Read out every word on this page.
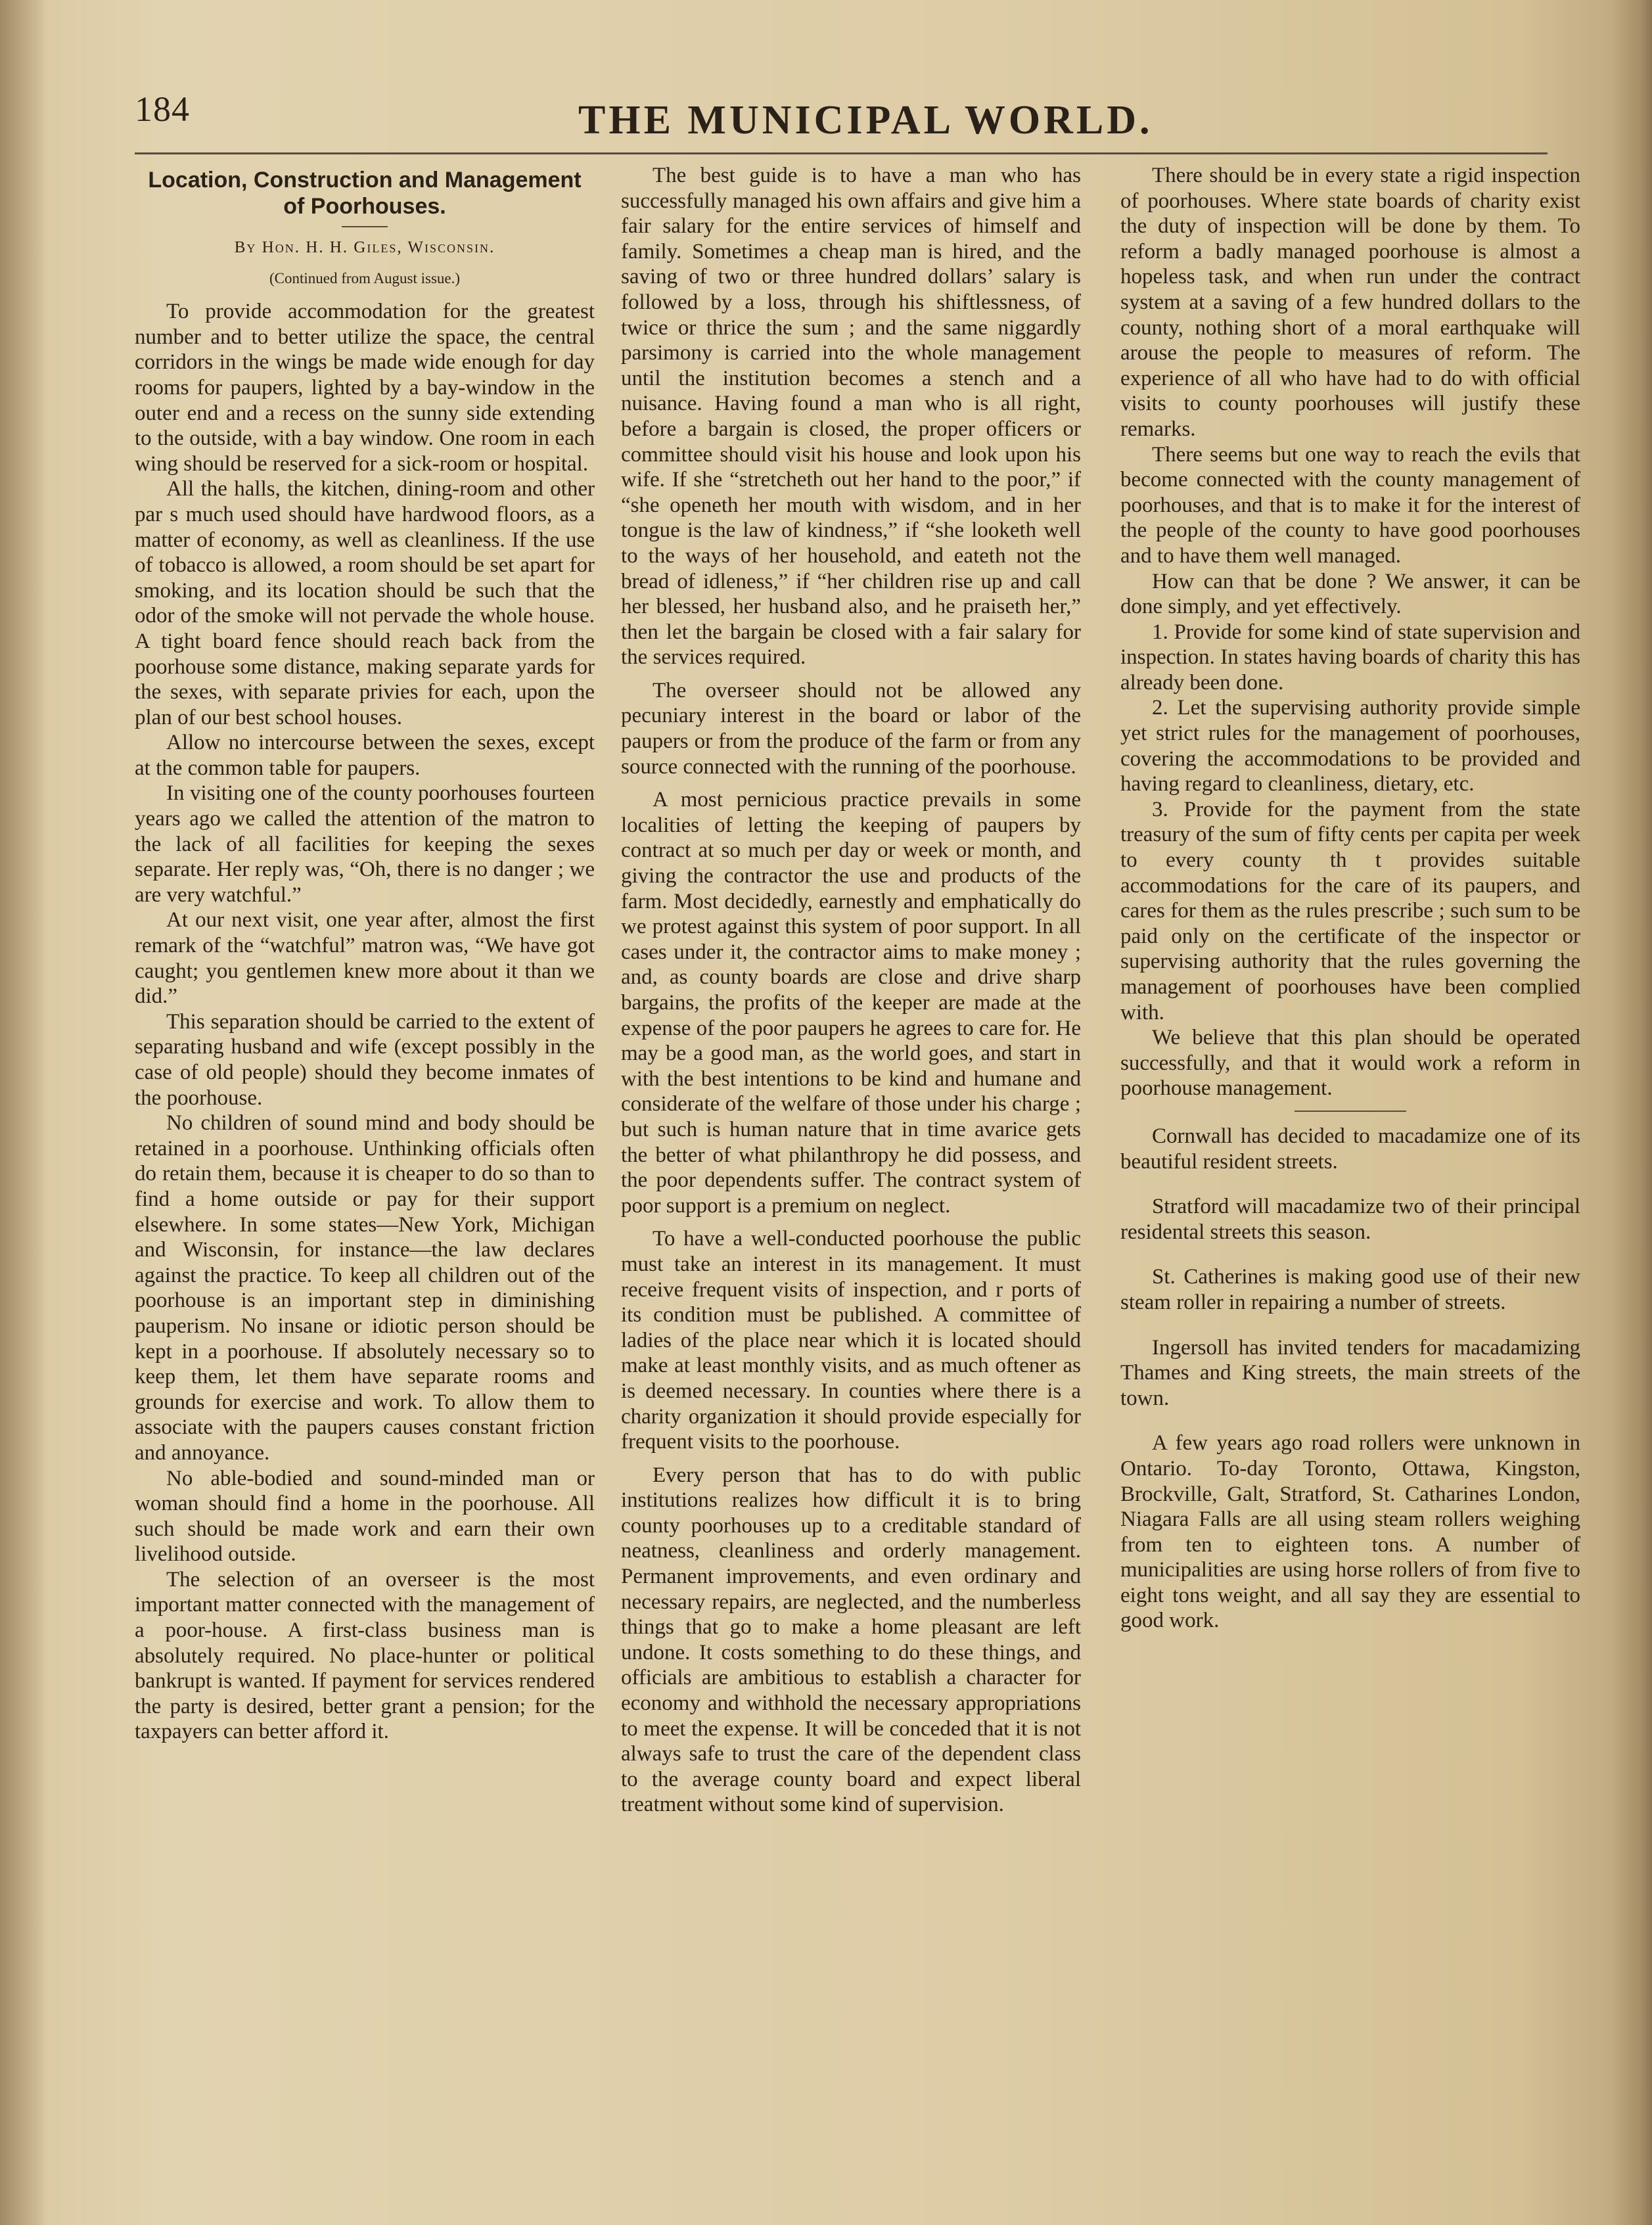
184	THE MUNICIPAL WORLD.
Location, Construction and Management of Poorhouses.
By Hon. H. H. Giles, Wisconsin.
(Continued from August issue.)

To provide accommodation for the greatest number and to better utilize the space, the central corridors in the wings be made wide enough for day rooms for paupers, lighted by a bay-window in the outer end and a recess on the sunny side extending to the outside, with a bay window. One room in each wing should be reserved for a sick-room or hospital.

All the halls, the kitchen, dining-room and other par s much used should have hardwood floors, as a matter of economy, as well as cleanliness. If the use of tobacco is allowed, a room should be set apart for smoking, and its location should be such that the odor of the smoke will not pervade the whole house. A tight board fence should reach back from the poorhouse some distance, making separate yards for the sexes, with separate privies for each, upon the plan of our best school houses.

Allow no intercourse between the sexes, except at the common table for paupers.

In visiting one of the county poorhouses fourteen years ago we called the attention of the matron to the lack of all facilities for keeping the sexes separate. Her reply was, “Oh, there is no danger ; we are very watchful.”

At our next visit, one year after, almost the first remark of the “watchful” matron was, “We have got caught; you gentlemen knew more about it than we did.”

This separation should be carried to the extent of separating husband and wife (except possibly in the case of old people) should they become inmates of the poorhouse.

No children of sound mind and body should be retained in a poorhouse. Unthinking officials often do retain them, because it is cheaper to do so than to find a home outside or pay for their support elsewhere. In some states—New York, Michigan and Wisconsin, for instance—the law declares against the practice. To keep all children out of the poorhouse is an important step in diminishing pauperism. No insane or idiotic person should be kept in a poorhouse. If absolutely necessary so to keep them, let them have separate rooms and grounds for exercise and work. To allow them to associate with the paupers causes constant friction and annoyance.

No able-bodied and sound-minded man or woman should find a home in the poorhouse. All such should be made work and earn their own livelihood outside.

The selection of an overseer is the most important matter connected with the management of a poor-house. A first-class business man is absolutely required. No place-hunter or political bankrupt is wanted. If payment for services rendered the party is desired, better grant a pension; for the taxpayers can better afford it.

The best guide is to have a man who has successfully managed his own affairs and give him a fair salary for the entire services of himself and family. Sometimes a cheap man is hired, and the saving of two or three hundred dollars’ salary is followed by a loss, through his shiftlessness, of twice or thrice the sum ; and the same niggardly parsimony is carried into the whole management until the institution becomes a stench and a nuisance. Having found a man who is all right, before a bargain is closed, the proper officers or committee should visit his house and look upon his wife. If she “stretcheth out her hand to the poor,” if “she openeth her mouth with wisdom, and in her tongue is the law of kindness,” if “she looketh well to the ways of her household, and eateth not the bread of idleness,” if “her children rise up and call her blessed, her husband also, and he praiseth her,” then let the bargain be closed with a fair salary for the services required.

The overseer should not be allowed any pecuniary interest in the board or labor of the paupers or from the produce of the farm or from any source connected with the running of the poorhouse.

A most pernicious practice prevails in some localities of letting the keeping of paupers by contract at so much per day or week or month, and giving the contractor the use and products of the farm. Most decidedly, earnestly and emphatically do we protest against this system of poor support. In all cases under it, the contractor aims to make money ; and, as county boards are close and drive sharp bargains, the profits of the keeper are made at the expense of the poor paupers he agrees to care for. He may be a good man, as the world goes, and start in with the best intentions to be kind and humane and considerate of the welfare of those under his charge ; but such is human nature that in time avarice gets the better of what philanthropy he did possess, and the poor dependents suffer. The contract system of poor support is a premium on neglect.

To have a well-conducted poorhouse the public must take an interest in its management. It must receive frequent visits of inspection, and r ports of its condition must be published. A committee of ladies of the place near which it is located should make at least monthly visits, and as much oftener as is deemed necessary. In counties where there is a charity organization it should provide especially for frequent visits to the poorhouse.

Every person that has to do with public institutions realizes how difficult it is to bring county poorhouses up to a creditable standard of neatness, cleanliness and orderly management. Permanent improvements, and even ordinary and necessary repairs, are neglected, and the numberless things that go to make a home pleasant are left undone. It costs something to do these things, and officials are ambitious to establish a character for economy and withhold the necessary appropriations to meet the expense. It will be conceded that it is not always safe to trust the care of the dependent class to the average county board and expect liberal treatment without some kind of supervision.

There should be in every state a rigid inspection of poorhouses. Where state boards of charity exist the duty of inspection will be done by them. To reform a badly managed poorhouse is almost a hopeless task, and when run under the contract system at a saving of a few hundred dollars to the county, nothing short of a moral earthquake will arouse the people to measures of reform. The experience of all who have had to do with official visits to county poorhouses will justify these remarks.

There seems but one way to reach the evils that become connected with the county management of poorhouses, and that is to make it for the interest of the people of the county to have good poorhouses and to have them well managed.

How can that be done ? We answer, it can be done simply, and yet effectively.

1. Provide for some kind of state supervision and inspection. In states having boards of charity this has already been done.

2. Let the supervising authority provide simple yet strict rules for the management of poorhouses, covering the accommodations to be provided and having regard to cleanliness, dietary, etc.

3. Provide for the payment from the state treasury of the sum of fifty cents per capita per week to every county th t provides suitable accommodations for the care of its paupers, and cares for them as the rules prescribe ; such sum to be paid only on the certificate of the inspector or supervising authority that the rules governing the management of poorhouses have been complied with.

We believe that this plan should be operated successfully, and that it would work a reform in poorhouse management.

Cornwall has decided to macadamize one of its beautiful resident streets.

Stratford will macadamize two of their principal residental streets this season.

St. Catherines is making good use of their new steam roller in repairing a number of streets.

Ingersoll has invited tenders for macadamizing Thames and King streets, the main streets of the town.

A few years ago road rollers were unknown in Ontario. To-day Toronto, Ottawa, Kingston, Brockville, Galt, Stratford, St. Catharines London, Niagara Falls are all using steam rollers weighing from ten to eighteen tons. A number of municipalities are using horse rollers of from five to eight tons weight, and all say they are essential to good work.
